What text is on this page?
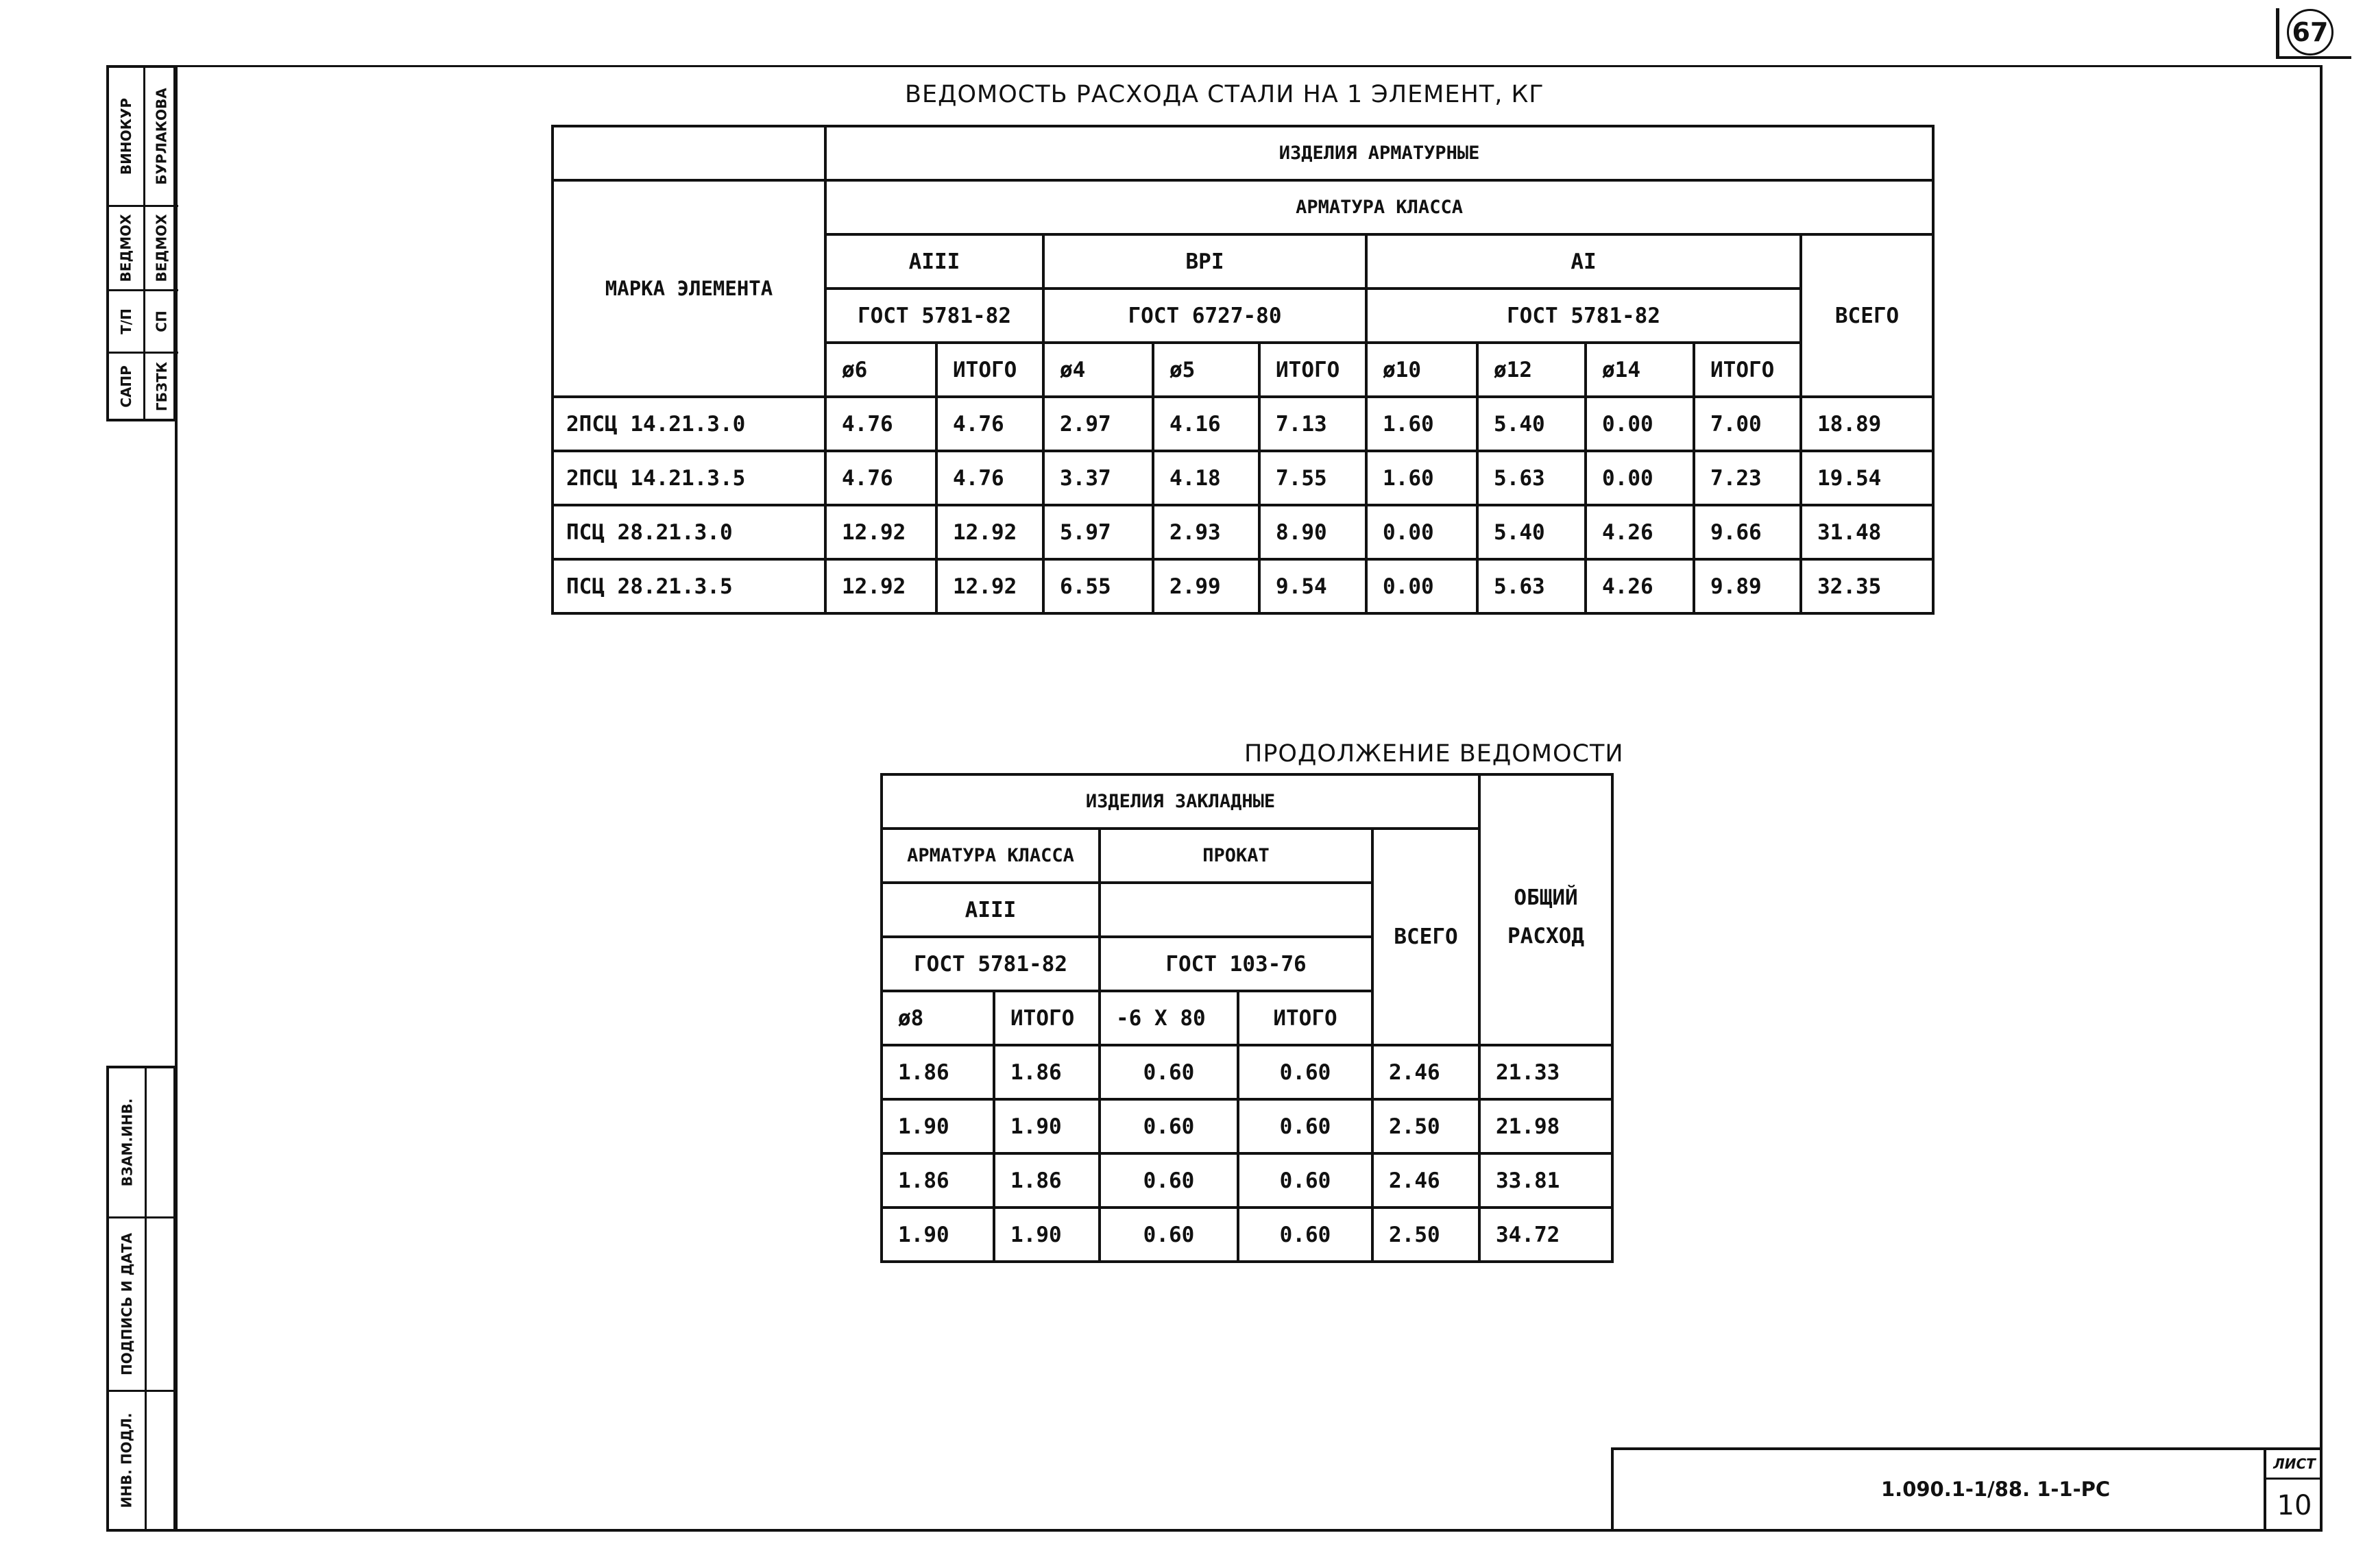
67
САПР
Т/П
ВЕДМОХ
ВИНОКУР
ГБЗТК
СП
ВЕДМОХ
БУРЛАКОВА
ИНВ. ПОДЛ.
ПОДПИСЬ И ДАТА
ВЗАМ.ИНВ.
ВЕДОМОСТЬ РАСХОДА СТАЛИ НА 1 ЭЛЕМЕНТ, КГ
	ИЗДЕЛИЯ АРМАТУРНЫЕ									
МАРКА ЭЛЕМЕНТА	АРМАТУРА КЛАССА									
	AIII		BPI			AI				ВСЕГО
	ГОСТ 5781-82		ГОСТ 6727-80			ГОСТ 5781-82				
	ø6	ИТОГО	ø4	ø5	ИТОГО	ø10	ø12	ø14	ИТОГО	
2ПСЦ 14.21.3.0	4.76	4.76	2.97	4.16	7.13	1.60	5.40	0.00	7.00	18.89
2ПСЦ 14.21.3.5	4.76	4.76	3.37	4.18	7.55	1.60	5.63	0.00	7.23	19.54
ПСЦ 28.21.3.0	12.92	12.92	5.97	2.93	8.90	0.00	5.40	4.26	9.66	31.48
ПСЦ 28.21.3.5	12.92	12.92	6.55	2.99	9.54	0.00	5.63	4.26	9.89	32.35
ПРОДОЛЖЕНИЕ ВЕДОМОСТИ
ИЗДЕЛИЯ ЗАКЛАДНЫЕ					ОБЩИЙ РАСХОД
АРМАТУРА КЛАССА		ПРОКАТ		ВСЕГО	
AIII					
ГОСТ 5781-82		ГОСТ 103-76			
ø8	ИТОГО	-6 Х 80	ИТОГО		
1.86	1.86	0.60	0.60	2.46	21.33
1.90	1.90	0.60	0.60	2.50	21.98
1.86	1.86	0.60	0.60	2.46	33.81
1.90	1.90	0.60	0.60	2.50	34.72
1.090.1-1/88. 1-1-РС
ЛИСТ
10
